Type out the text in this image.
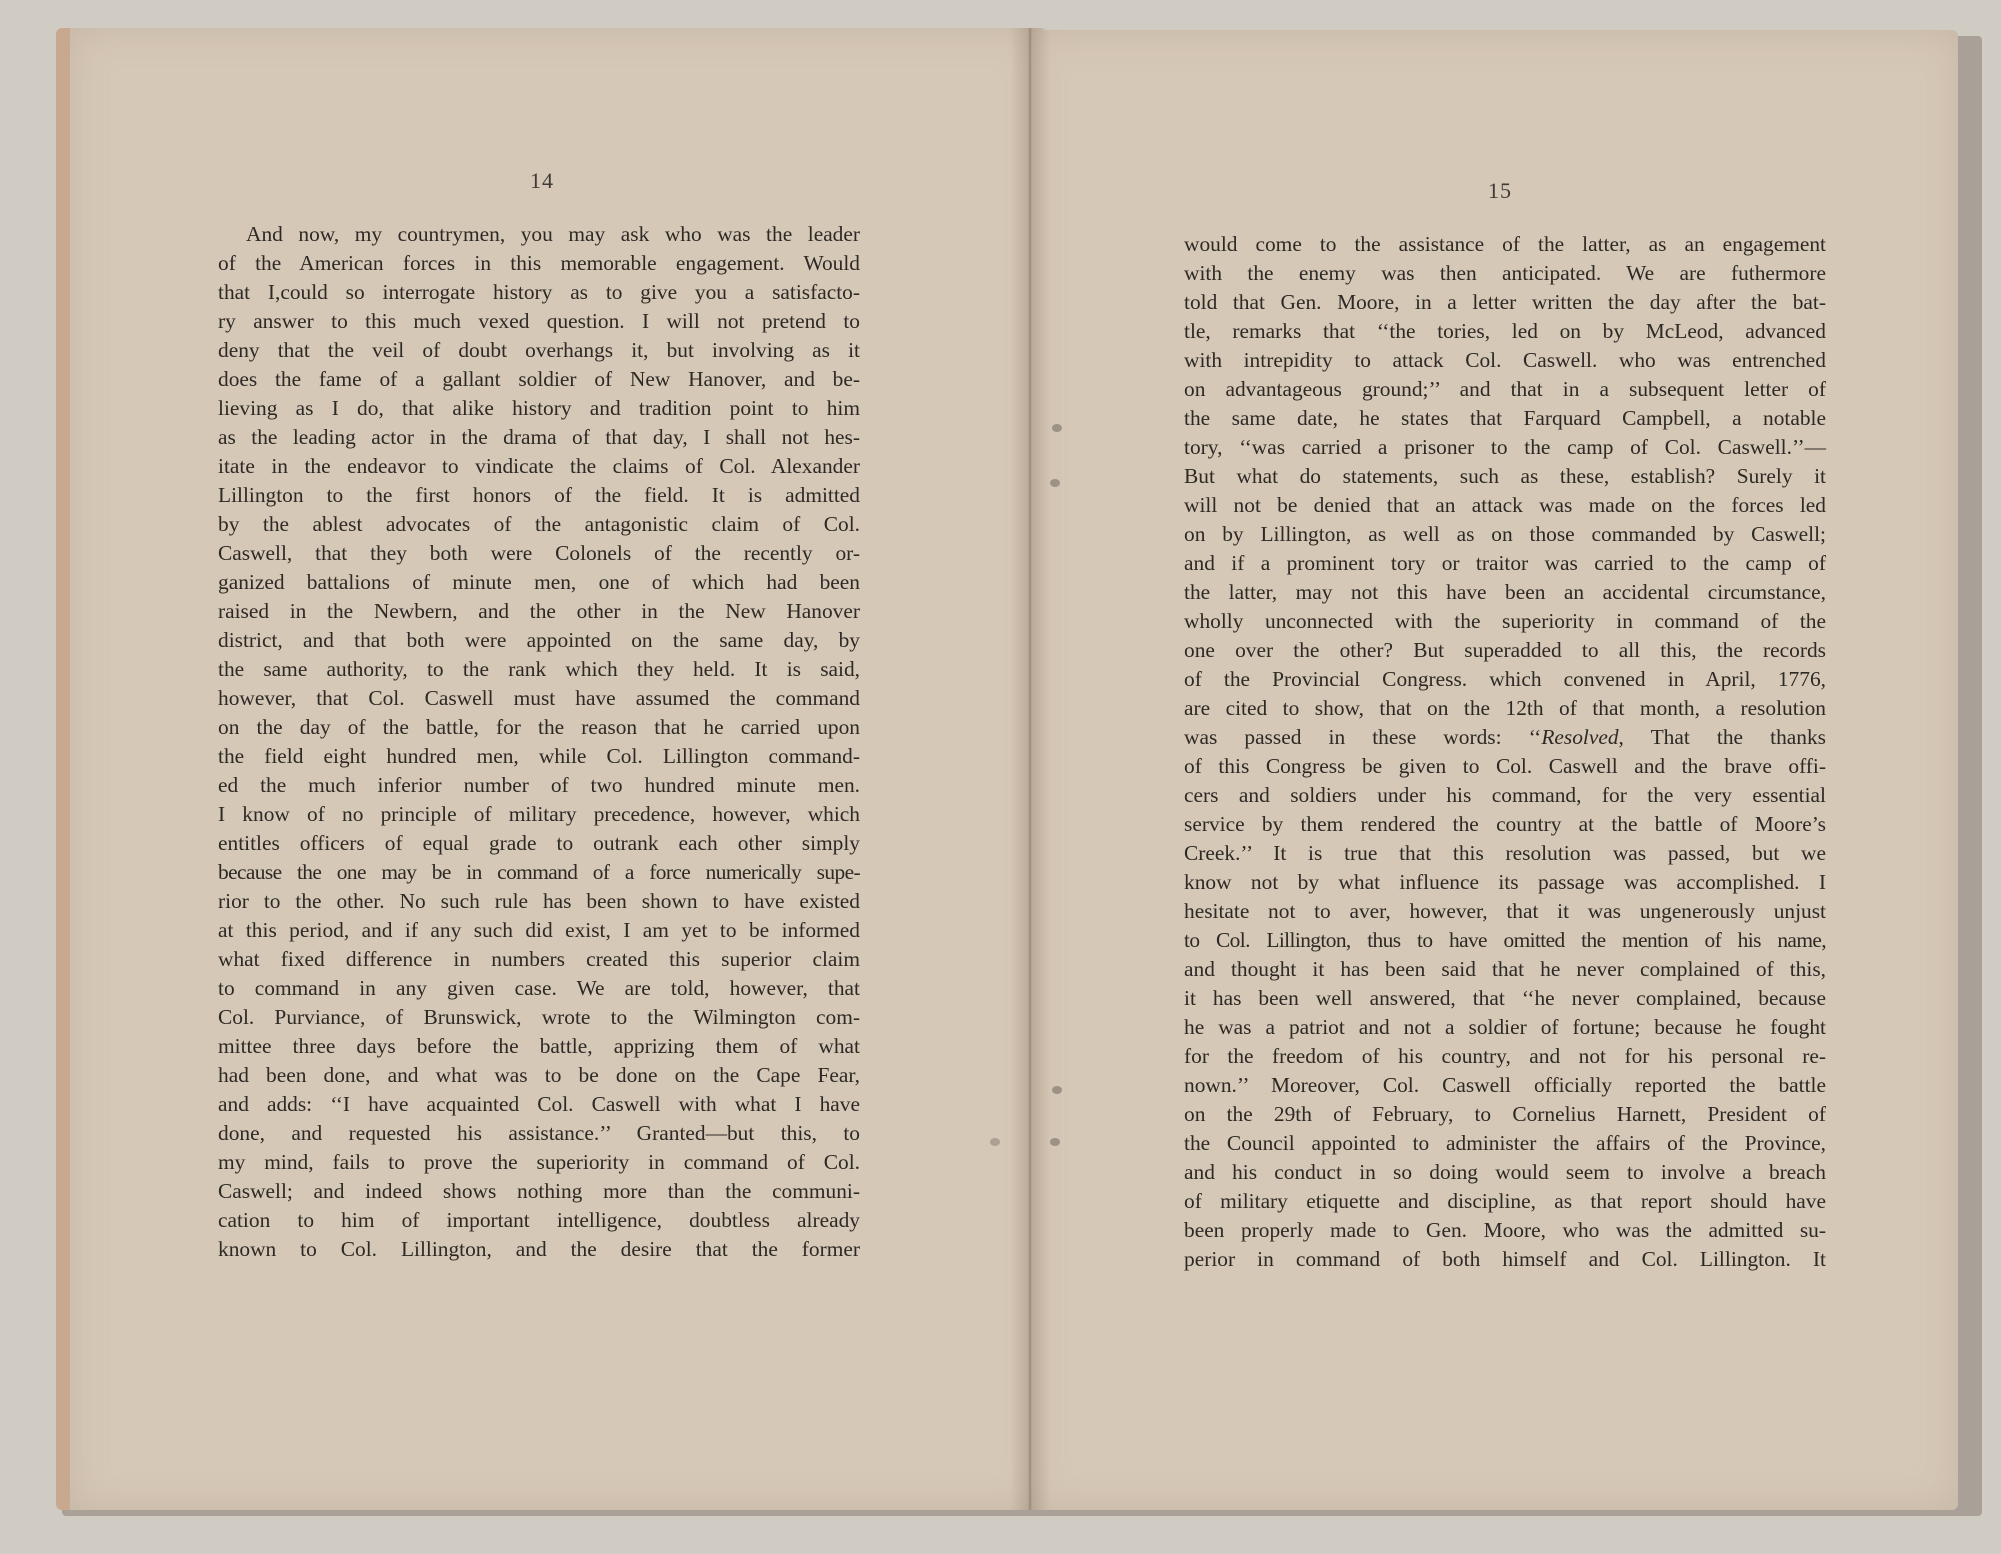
14
And now, my countrymen, you may ask who was the leader
of the American forces in this memorable engagement. Would
that I,could so interrogate history as to give you a satisfacto-
ry answer to this much vexed question. I will not pretend to
deny that the veil of doubt overhangs it, but involving as it
does the fame of a gallant soldier of New Hanover, and be-
lieving as I do, that alike history and tradition point to him
as the leading actor in the drama of that day, I shall not hes-
itate in the endeavor to vindicate the claims of Col. Alexander
Lillington to the first honors of the field. It is admitted
by the ablest advocates of the antagonistic claim of Col.
Caswell, that they both were Colonels of the recently or-
ganized battalions of minute men, one of which had been
raised in the Newbern, and the other in the New Hanover
district, and that both were appointed on the same day, by
the same authority, to the rank which they held. It is said,
however, that Col. Caswell must have assumed the command
on the day of the battle, for the reason that he carried upon
the field eight hundred men, while Col. Lillington command-
ed the much inferior number of two hundred minute men.
I know of no principle of military precedence, however, which
entitles officers of equal grade to outrank each other simply
because the one may be in command of a force numerically supe-
rior to the other. No such rule has been shown to have existed
at this period, and if any such did exist, I am yet to be informed
what fixed difference in numbers created this superior claim
to command in any given case. We are told, however, that
Col. Purviance, of Brunswick, wrote to the Wilmington com-
mittee three days before the battle, apprizing them of what
had been done, and what was to be done on the Cape Fear,
and adds: ‘‘I have acquainted Col. Caswell with what I have
done, and requested his assistance.’’ Granted—but this, to
my mind, fails to prove the superiority in command of Col.
Caswell; and indeed shows nothing more than the communi-
cation to him of important intelligence, doubtless already
known to Col. Lillington, and the desire that the former
15
would come to the assistance of the latter, as an engagement
with the enemy was then anticipated. We are futhermore
told that Gen. Moore, in a letter written the day after the bat-
tle, remarks that ‘‘the tories, led on by McLeod, advanced
with intrepidity to attack Col. Caswell. who was entrenched
on advantageous ground;’’ and that in a subsequent letter of
the same date, he states that Farquard Campbell, a notable
tory, ‘‘was carried a prisoner to the camp of Col. Caswell.’’—
But what do statements, such as these, establish? Surely it
will not be denied that an attack was made on the forces led
on by Lillington, as well as on those commanded by Caswell;
and if a prominent tory or traitor was carried to the camp of
the latter, may not this have been an accidental circumstance,
wholly unconnected with the superiority in command of the
one over the other? But superadded to all this, the records
of the Provincial Congress. which convened in April, 1776,
are cited to show, that on the 12th of that month, a resolution
was passed in these words: ‘‘Resolved, That the thanks
of this Congress be given to Col. Caswell and the brave offi-
cers and soldiers under his command, for the very essential
service by them rendered the country at the battle of Moore’s
Creek.’’ It is true that this resolution was passed, but we
know not by what influence its passage was accomplished. I
hesitate not to aver, however, that it was ungenerously unjust
to Col. Lillington, thus to have omitted the mention of his name,
and thought it has been said that he never complained of this,
it has been well answered, that ‘‘he never complained, because
he was a patriot and not a soldier of fortune; because he fought
for the freedom of his country, and not for his personal re-
nown.’’ Moreover, Col. Caswell officially reported the battle
on the 29th of February, to Cornelius Harnett, President of
the Council appointed to administer the affairs of the Province,
and his conduct in so doing would seem to involve a breach
of military etiquette and discipline, as that report should have
been properly made to Gen. Moore, who was the admitted su-
perior in command of both himself and Col. Lillington. It
